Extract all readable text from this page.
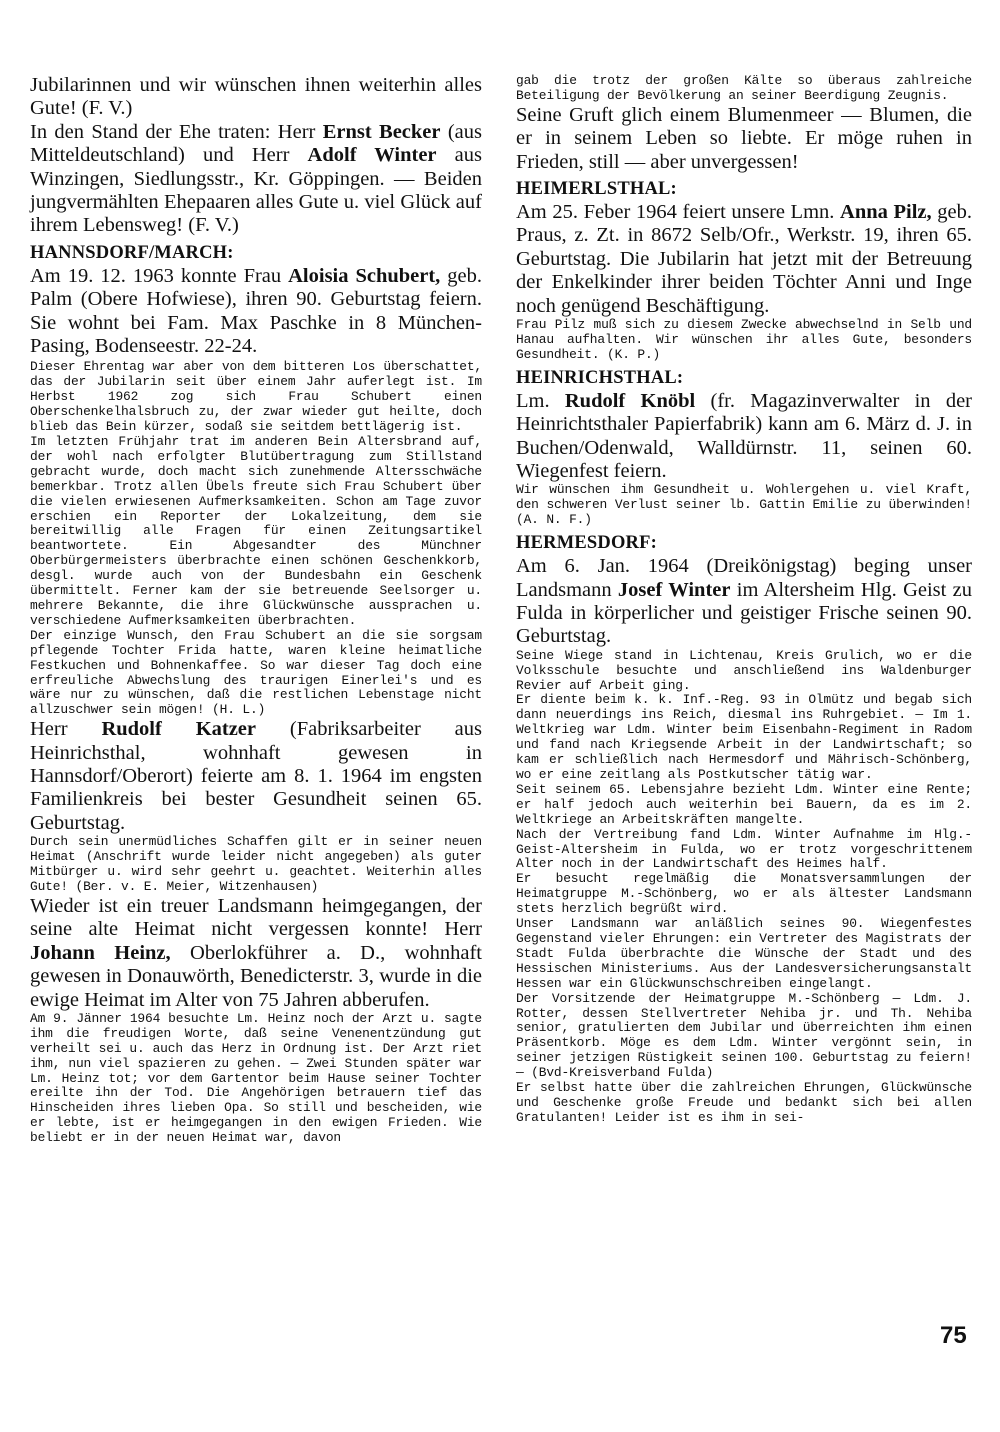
Jubilarinnen und wir wünschen ihnen weiterhin alles Gute! (F. V.)

In den Stand der Ehe traten: Herr Ernst Becker (aus Mitteldeutschland) und Herr Adolf Winter aus Winzingen, Siedlungsstr., Kr. Göppingen. — Beiden jungvermählten Ehepaaren alles Gute u. viel Glück auf ihrem Lebensweg! (F. V.)

HANNSDORF/MARCH:

Am 19. 12. 1963 konnte Frau Aloisia Schubert, geb. Palm (Obere Hofwiese), ihren 90. Geburtstag feiern. Sie wohnt bei Fam. Max Paschke in 8 München-Pasing, Bodenseestr. 22-24.

Dieser Ehrentag war aber von dem bitteren Los überschattet, das der Jubilarin seit über einem Jahr auferlegt ist. Im Herbst 1962 zog sich Frau Schubert einen Oberschenkelhalsbruch zu, der zwar wieder gut heilte, doch blieb das Bein kürzer, sodaß sie seitdem bettlägerig ist.

Im letzten Frühjahr trat im anderen Bein Altersbrand auf, der wohl nach erfolgter Blutübertragung zum Stillstand gebracht wurde, doch macht sich zunehmende Altersschwäche bemerkbar. Trotz allen Übels freute sich Frau Schubert über die vielen erwiesenen Aufmerksamkeiten. Schon am Tage zuvor erschien ein Reporter der Lokalzeitung, dem sie bereitwillig alle Fragen für einen Zeitungsartikel beantwortete. Ein Abgesandter des Münchner Oberbürgermeisters überbrachte einen schönen Geschenkkorb, desgl. wurde auch von der Bundesbahn ein Geschenk übermittelt. Ferner kam der sie betreuende Seelsorger u. mehrere Bekannte, die ihre Glückwünsche aussprachen u. verschiedene Aufmerksamkeiten überbrachten.

Der einzige Wunsch, den Frau Schubert an die sie sorgsam pflegende Tochter Frida hatte, waren kleine heimatliche Festkuchen und Bohnenkaffee. So war dieser Tag doch eine erfreuliche Abwechslung des traurigen Einerlei's und es wäre nur zu wünschen, daß die restlichen Lebenstage nicht allzuschwer sein mögen! (H. L.)

Herr Rudolf Katzer (Fabriksarbeiter aus Heinrichsthal, wohnhaft gewesen in Hannsdorf/Oberort) feierte am 8. 1. 1964 im engsten Familienkreis bei bester Gesundheit seinen 65. Geburtstag.

Durch sein unermüdliches Schaffen gilt er in seiner neuen Heimat (Anschrift wurde leider nicht angegeben) als guter Mitbürger u. wird sehr geehrt u. geachtet. Weiterhin alles Gute! (Ber. v. E. Meier, Witzenhausen)

Wieder ist ein treuer Landsmann heimgegangen, der seine alte Heimat nicht vergessen konnte! Herr Johann Heinz, Oberlokführer a. D., wohnhaft gewesen in Donauwörth, Benedicterstr. 3, wurde in die ewige Heimat im Alter von 75 Jahren abberufen.

Am 9. Jänner 1964 besuchte Lm. Heinz noch der Arzt u. sagte ihm die freudigen Worte, daß seine Venenentzündung gut verheilt sei u. auch das Herz in Ordnung ist. Der Arzt riet ihm, nun viel spazieren zu gehen. — Zwei Stunden später war Lm. Heinz tot; vor dem Gartentor beim Hause seiner Tochter ereilte ihn der Tod. Die Angehörigen betrauern tief das Hinscheiden ihres lieben Opa. So still und bescheiden, wie er lebte, ist er heimgegangen in den ewigen Frieden. Wie beliebt er in der neuen Heimat war, davon

gab die trotz der großen Kälte so überaus zahlreiche Beteiligung der Bevölkerung an seiner Beerdigung Zeugnis.

Seine Gruft glich einem Blumenmeer — Blumen, die er in seinem Leben so liebte. Er möge ruhen in Frieden, still — aber unvergessen!

HEIMERLSTHAL:

Am 25. Feber 1964 feiert unsere Lmn. Anna Pilz, geb. Praus, z. Zt. in 8672 Selb/Ofr., Werkstr. 19, ihren 65. Geburtstag. Die Jubilarin hat jetzt mit der Betreuung der Enkelkinder ihrer beiden Töchter Anni und Inge noch genügend Beschäftigung.

Frau Pilz muß sich zu diesem Zwecke abwechselnd in Selb und Hanau aufhalten. Wir wünschen ihr alles Gute, besonders Gesundheit. (K. P.)

HEINRICHSTHAL:

Lm. Rudolf Knöbl (fr. Magazinverwalter in der Heinrichtsthaler Papierfabrik) kann am 6. März d. J. in Buchen/Odenwald, Walldürnstr. 11, seinen 60. Wiegenfest feiern.

Wir wünschen ihm Gesundheit u. Wohlergehen u. viel Kraft, den schweren Verlust seiner lb. Gattin Emilie zu überwinden! (A. N. F.)

HERMESDORF:

Am 6. Jan. 1964 (Dreikönigstag) beging unser Landsmann Josef Winter im Altersheim Hlg. Geist zu Fulda in körperlicher und geistiger Frische seinen 90. Geburtstag.

Seine Wiege stand in Lichtenau, Kreis Grulich, wo er die Volksschule besuchte und anschließend ins Waldenburger Revier auf Arbeit ging.

Er diente beim k. k. Inf.-Reg. 93 in Olmütz und begab sich dann neuerdings ins Reich, diesmal ins Ruhrgebiet. — Im 1. Weltkrieg war Ldm. Winter beim Eisenbahn-Regiment in Radom und fand nach Kriegsende Arbeit in der Landwirtschaft; so kam er schließlich nach Hermesdorf und Mährisch-Schönberg, wo er eine zeitlang als Postkutscher tätig war.

Seit seinem 65. Lebensjahre bezieht Ldm. Winter eine Rente; er half jedoch auch weiterhin bei Bauern, da es im 2. Weltkriege an Arbeitskräften mangelte.

Nach der Vertreibung fand Ldm. Winter Aufnahme im Hlg.-Geist-Altersheim in Fulda, wo er trotz vorgeschrittenem Alter noch in der Landwirtschaft des Heimes half.

Er besucht regelmäßig die Monatsversammlungen der Heimatgruppe M.-Schönberg, wo er als ältester Landsmann stets herzlich begrüßt wird.

Unser Landsmann war anläßlich seines 90. Wiegenfestes Gegenstand vieler Ehrungen: ein Vertreter des Magistrats der Stadt Fulda überbrachte die Wünsche der Stadt und des Hessischen Ministeriums. Aus der Landesversicherungsanstalt Hessen war ein Glückwunschschreiben eingelangt.

Der Vorsitzende der Heimatgruppe M.-Schönberg — Ldm. J. Rotter, dessen Stellvertreter Nehiba jr. und Th. Nehiba senior, gratulierten dem Jubilar und überreichten ihm einen Präsentkorb. Möge es dem Ldm. Winter vergönnt sein, in seiner jetzigen Rüstigkeit seinen 100. Geburtstag zu feiern! — (Bvd-Kreisverband Fulda)

Er selbst hatte über die zahlreichen Ehrungen, Glückwünsche und Geschenke große Freude und bedankt sich bei allen Gratulanten! Leider ist es ihm in sei-

75
